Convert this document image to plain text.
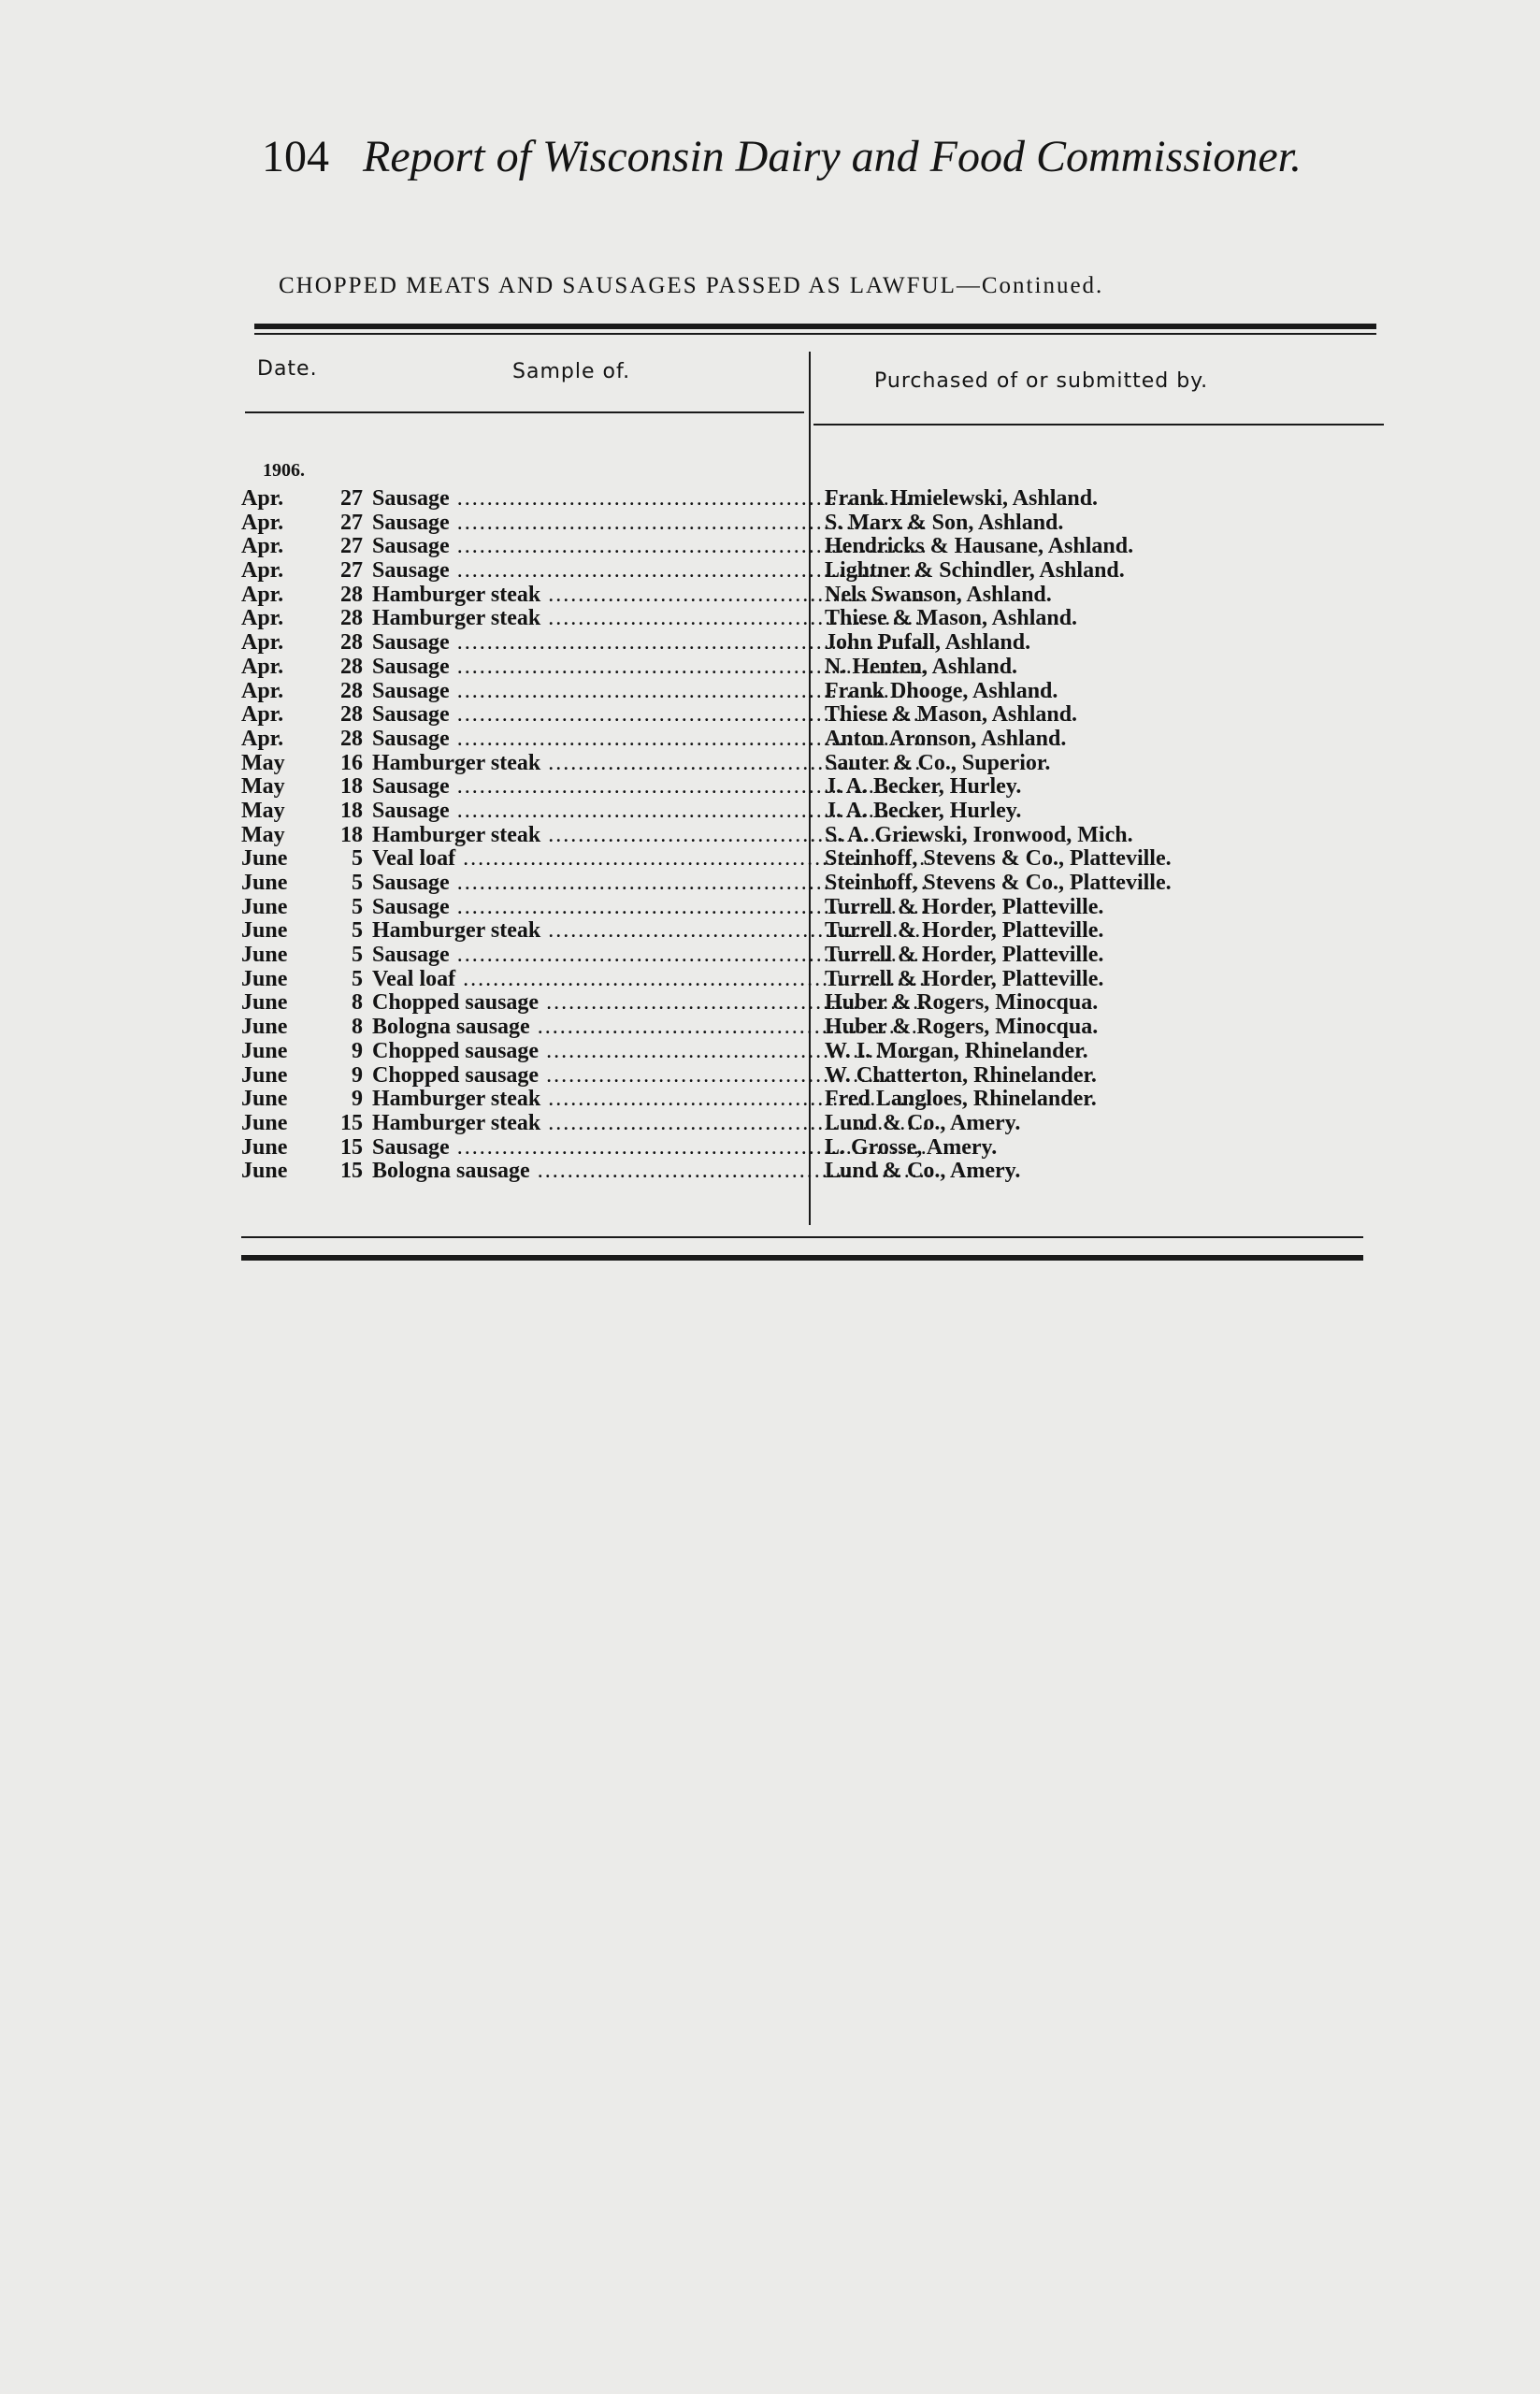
104 Report of Wisconsin Dairy and Food Commissioner.
CHOPPED MEATS AND SAUSAGES PASSED AS LAWFUL—Continued.
Date.	Sample of.	Purchased of or submitted by.
1906.
Apr.	27 Sausage .....	Frank Hmielewski, Ashland.
Apr.	27 Sausage .....	S. Marx & Son, Ashland.
Apr.	27 Sausage .....	Hendricks & Hausane, Ashland.
Apr.	27 Sausage .....	Lightner & Schindler, Ashland.
Apr.	28 Hamburger steak .....	Nels Swanson, Ashland.
Apr.	28 Hamburger steak .....	Thiese & Mason, Ashland.
Apr.	28 Sausage .....	John Pufall, Ashland.
Apr.	28 Sausage .....	N. Henten, Ashland.
Apr.	28 Sausage .....	Frank Dhooge, Ashland.
Apr.	28 Sausage .....	Thiese & Mason, Ashland.
Apr.	28 Sausage .....	Anton Aronson, Ashland.
May	16 Hamburger steak .....	Sauter & Co., Superior.
May	18 Sausage .....	J. A. Becker, Hurley.
May	18 Sausage .....	J. A. Becker, Hurley.
May	18 Hamburger steak .....	S. A. Griewski, Ironwood, Mich.
June	5 Veal loaf .....	Steinhoff, Stevens & Co., Platteville.
June	5 Sausage .....	Steinhoff, Stevens & Co., Platteville.
June	5 Sausage .....	Turrell & Horder, Platteville.
June	5 Hamburger steak .....	Turrell & Horder, Platteville.
June	5 Sausage .....	Turrell & Horder, Platteville.
June	5 Veal loaf .....	Turrell & Horder, Platteville.
June	8 Chopped sausage .....	Huber & Rogers, Minocqua.
June	8 Bologna sausage .....	Huber & Rogers, Minocqua.
June	9 Chopped sausage .....	W. I. Morgan, Rhinelander.
June	9 Chopped sausage .....	W. Chatterton, Rhinelander.
June	9 Hamburger steak .....	Fred Langloes, Rhinelander.
June	15 Hamburger steak .....	Lund & Co., Amery.
June	15 Sausage .....	L. Grosse, Amery.
June	15 Bologna sausage .....	Lund & Co., Amery.
